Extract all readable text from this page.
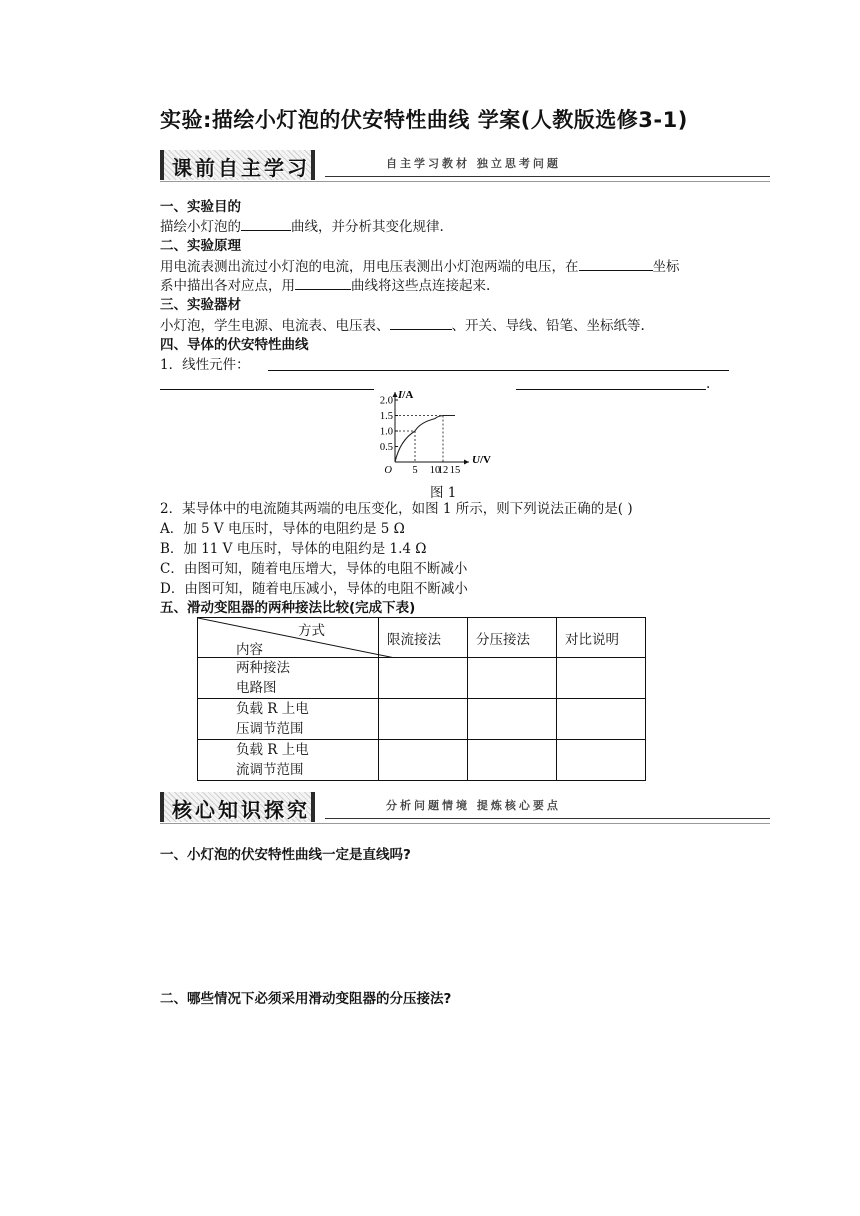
实验:描绘小灯泡的伏安特性曲线 学案(人教版选修3-1)
课前自主学习	自主学习教材 独立思考问题
一、实验目的
描绘小灯泡的	曲线，并分析其变化规律.
二、实验原理
用电流表测出流过小灯泡的电流，用电压表测出小灯泡两端的电压，在	坐标
系中描出各对应点，用	曲线将这些点连接起来.
三、实验器材
小灯泡，学生电源、电流表、电压表、	、开关、导线、铅笔、坐标纸等.
四、导体的伏安特性曲线
1．线性元件：
.
2.0
1.5
1.0
0.5
5 10
12 15
O
I/A
U/V
图 1
2．某导体中的电流随其两端的电压变化，如图 1 所示，则下列说法正确的是( )
A．加 5 V 电压时，导体的电阻约是 5 Ω
B．加 11 V 电压时，导体的电阻约是 1.4 Ω
C．由图可知，随着电压增大，导体的电阻不断减小
D．由图可知，随着电压减小，导体的电阻不断减小
五、滑动变阻器的两种接法比较(完成下表)
方式
内容	限流接法	分压接法	对比说明

两种接法
电路图			

负载 R 上电
压调节范围			

负载 R 上电
流调节范围			

核心知识探究	分析问题情境 提炼核心要点
一、小灯泡的伏安特性曲线一定是直线吗?
二、哪些情况下必须采用滑动变阻器的分压接法?
